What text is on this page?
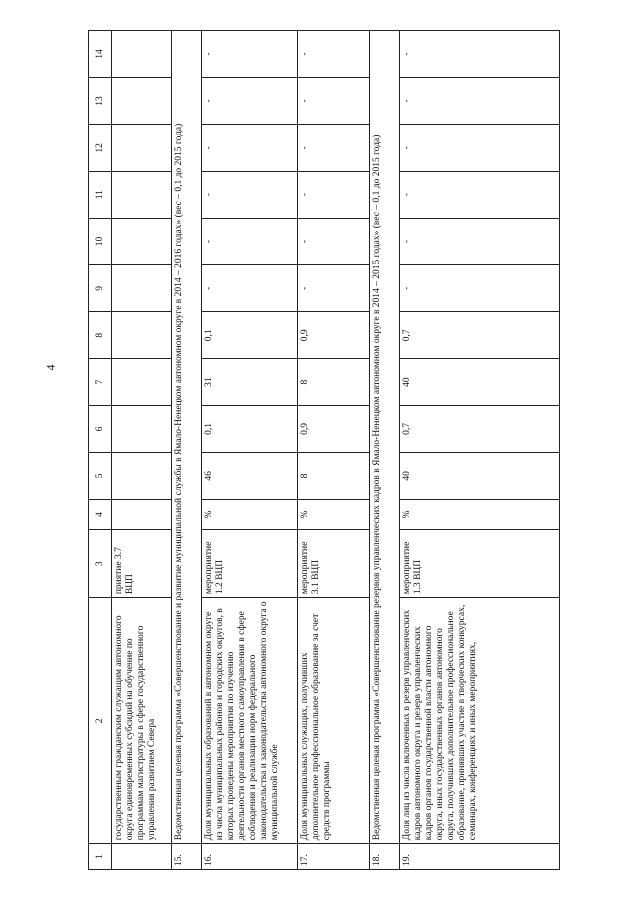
4
1	2	3	4	5	6	7	8	9	10	11	12	13	14
	государственным гражданским служащим автономного округа единовременных субсидий на обучение по программам магистратуры в сфере государственного управления развитием Севера	приятие 3.7 ВЦП											
15.	Ведомственная целевая программа «Совершенствование и развитие муниципальной службы в Ямало-Ненецком автономном округе в 2014 – 2016 годах» (вес – 0,1 до 2015 года)												
16.	Доля муниципальных образований в автономном округе из числа муниципальных районов и городских округов, в которых проведены мероприятия по изучению деятельности органов местного самоуправления в сфере соблюдения и реализации норм федерального законодательства и законодательства автономного округа о муниципальной службе	мероприятие 1.2 ВЦП	%	46	0,1	31	0,1	-	-	-	-	-	-
17.	Доля муниципальных служащих, получивших дополнительное профессиональное образование за счет средств программы	мероприятие 3.1 ВЦП	%	8	0,9	8	0,9	-	-	-	-	-	-
18.	Ведомственная целевая программа «Совершенствование резервов управленческих кадров в Ямало-Ненецком автономном округе в 2014 – 2015 годах» (вес – 0,1 до 2015 года)												
19.	Доля лиц из числа включенных в резерв управленческих кадров автономного округа и резерв управленческих кадров органов государственной власти автономного округа, иных государственных органов автономного округа, получивших дополнительное профессиональное образование, принявших участие в творческих конкурсах, семинарах, конференциях и иных мероприятиях,	мероприятие 1.3 ВЦП	%	40	0,7	40	0,7	-	-	-	-	-	-
